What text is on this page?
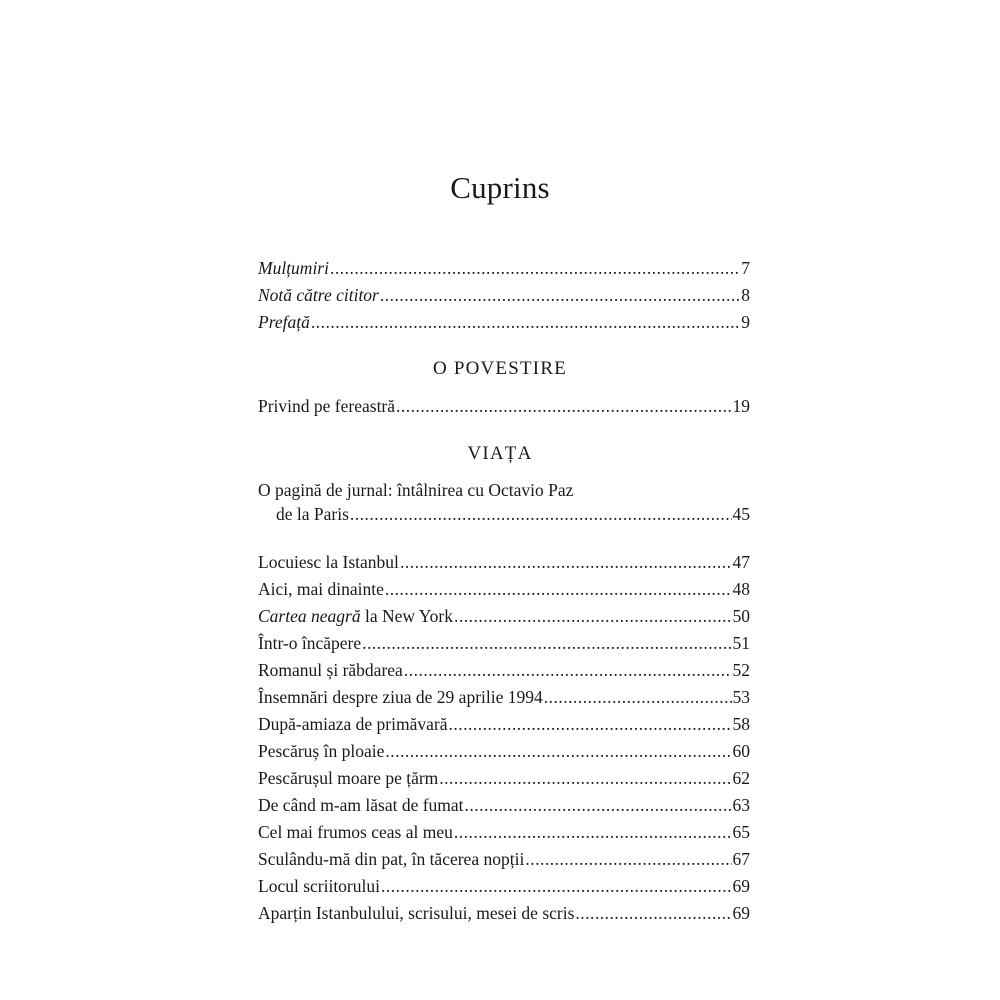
Cuprins
Mulțumiri .....	7
Notă către cititor .....	8
Prefață .....	9
O POVESTIRE
Privind pe fereastră .....	19
VIAȚA
O pagină de jurnal: întâlnirea cu Octavio Paz
de la Paris .....	45
Locuiesc la Istanbul .....	47
Aici, mai dinainte .....	48
Cartea neagră la New York .....	50
Într-o încăpere .....	51
Romanul și răbdarea .....	52
Însemnări despre ziua de 29 aprilie 1994 .....	53
După-amiaza de primăvară .....	58
Pescăruș în ploaie .....	60
Pescărușul moare pe țărm .....	62
De când m-am lăsat de fumat .....	63
Cel mai frumos ceas al meu .....	65
Sculându-mă din pat, în tăcerea nopții .....	67
Locul scriitorului .....	69
Aparțin Istanbulului, scrisului, mesei de scris .....	69
